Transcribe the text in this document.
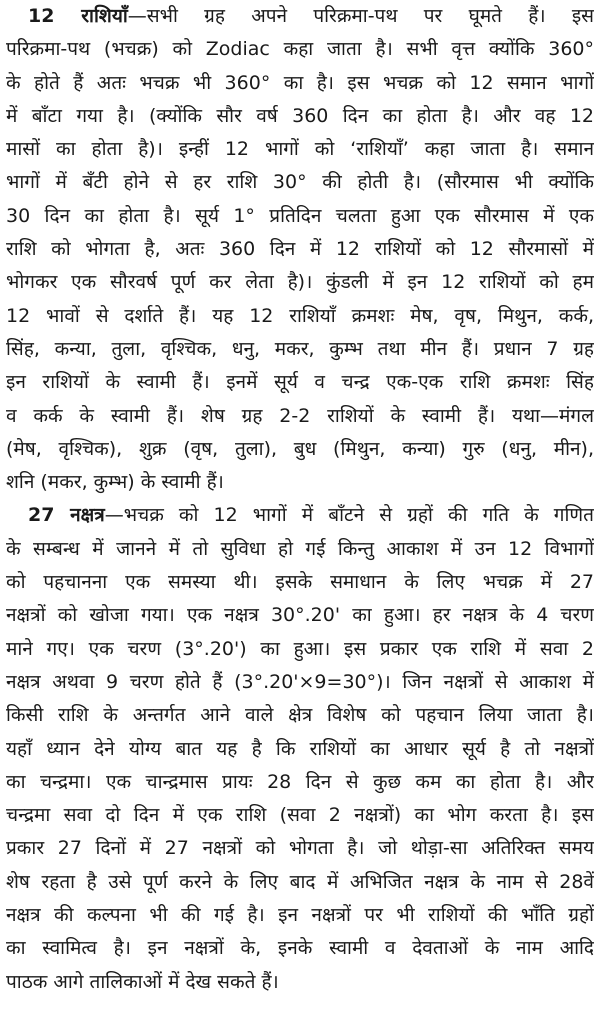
12 राशियाँ—सभी ग्रह अपने परिक्रमा-पथ पर घूमते हैं। इस
परिक्रमा-पथ (भचक्र) को Zodiac कहा जाता है। सभी वृत्त क्योंकि 360°
के होते हैं अतः भचक्र भी 360° का है। इस भचक्र को 12 समान भागों
में बाँटा गया है। (क्योंकि सौर वर्ष 360 दिन का होता है। और वह 12
मासों का होता है)। इन्हीं 12 भागों को ‘राशियाँ’ कहा जाता है। समान
भागों में बँटी होने से हर राशि 30° की होती है। (सौरमास भी क्योंकि
30 दिन का होता है। सूर्य 1° प्रतिदिन चलता हुआ एक सौरमास में एक
राशि को भोगता है, अतः 360 दिन में 12 राशियों को 12 सौरमासों में
भोगकर एक सौरवर्ष पूर्ण कर लेता है)। कुंडली में इन 12 राशियों को हम
12 भावों से दर्शाते हैं। यह 12 राशियाँ क्रमशः मेष, वृष, मिथुन, कर्क,
सिंह, कन्या, तुला, वृश्चिक, धनु, मकर, कुम्भ तथा मीन हैं। प्रधान 7 ग्रह
इन राशियों के स्वामी हैं। इनमें सूर्य व चन्द्र एक-एक राशि क्रमशः सिंह
व कर्क के स्वामी हैं। शेष ग्रह 2-2 राशियों के स्वामी हैं। यथा—मंगल
(मेष, वृश्चिक), शुक्र (वृष, तुला), बुध (मिथुन, कन्या) गुरु (धनु, मीन),
शनि (मकर, कुम्भ) के स्वामी हैं।
27 नक्षत्र—भचक्र को 12 भागों में बाँटने से ग्रहों की गति के गणित
के सम्बन्ध में जानने में तो सुविधा हो गई किन्तु आकाश में उन 12 विभागों
को पहचानना एक समस्या थी। इसके समाधान के लिए भचक्र में 27
नक्षत्रों को खोजा गया। एक नक्षत्र 30°.20' का हुआ। हर नक्षत्र के 4 चरण
माने गए। एक चरण (3°.20') का हुआ। इस प्रकार एक राशि में सवा 2
नक्षत्र अथवा 9 चरण होते हैं (3°.20'×9=30°)। जिन नक्षत्रों से आकाश में
किसी राशि के अन्तर्गत आने वाले क्षेत्र विशेष को पहचान लिया जाता है।
यहाँ ध्यान देने योग्य बात यह है कि राशियों का आधार सूर्य है तो नक्षत्रों
का चन्द्रमा। एक चान्द्रमास प्रायः 28 दिन से कुछ कम का होता है। और
चन्द्रमा सवा दो दिन में एक राशि (सवा 2 नक्षत्रों) का भोग करता है। इस
प्रकार 27 दिनों में 27 नक्षत्रों को भोगता है। जो थोड़ा-सा अतिरिक्त समय
शेष रहता है उसे पूर्ण करने के लिए बाद में अभिजित नक्षत्र के नाम से 28वें
नक्षत्र की कल्पना भी की गई है। इन नक्षत्रों पर भी राशियों की भाँति ग्रहों
का स्वामित्व है। इन नक्षत्रों के, इनके स्वामी व देवताओं के नाम आदि
पाठक आगे तालिकाओं में देख सकते हैं।
